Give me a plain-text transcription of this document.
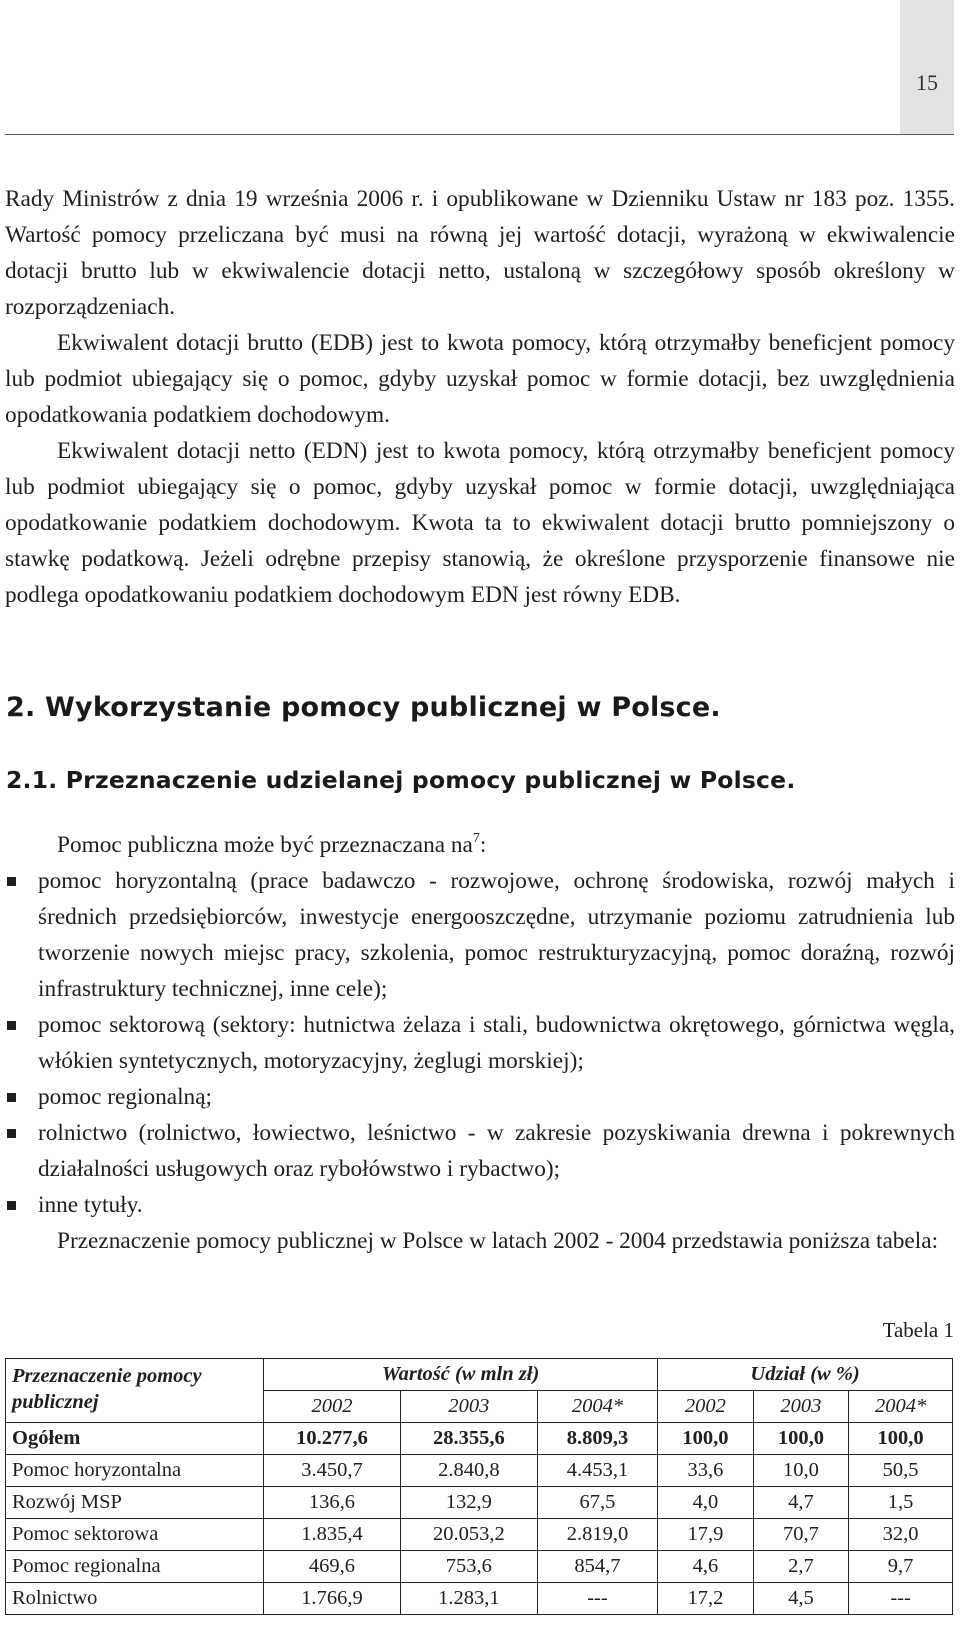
15

Rady Ministrów z dnia 19 września 2006 r. i opublikowane w Dzienniku Ustaw nr 183 poz. 1355. Wartość pomocy przeliczana być musi na równą jej wartość dotacji, wyrażoną w ekwiwalencie dotacji brutto lub w ekwiwalencie dotacji netto, ustaloną w szczegółowy sposób określony w rozporządzeniach.

Ekwiwalent dotacji brutto (EDB) jest to kwota pomocy, którą otrzymałby beneficjent pomocy lub podmiot ubiegający się o pomoc, gdyby uzyskał pomoc w formie dotacji, bez uwzględnienia opodatkowania podatkiem dochodowym.

Ekwiwalent dotacji netto (EDN) jest to kwota pomocy, którą otrzymałby beneficjent pomocy lub podmiot ubiegający się o pomoc, gdyby uzyskał pomoc w formie dotacji, uwzględniająca opodatkowanie podatkiem dochodowym. Kwota ta to ekwiwalent dotacji brutto pomniejszony o stawkę podatkową. Jeżeli odrębne przepisy stanowią, że określone przysporzenie finansowe nie podlega opodatkowaniu podatkiem dochodowym EDN jest równy EDB.

2. Wykorzystanie pomocy publicznej w Polsce.
2.1. Przeznaczenie udzielanej pomocy publicznej w Polsce.

Pomoc publiczna może być przeznaczana $na^7$:

pomoc horyzontalną (prace badawczo - rozwojowe, ochronę środowiska, rozwój małych i średnich przedsiębiorców, inwestycje energooszczędne, utrzymanie poziomu zatrudnienia lub tworzenie nowych miejsc pracy, szkolenia, pomoc restrukturyzacyjną, pomoc doraźną, rozwój infrastruktury technicznej, inne cele);
pomoc sektorową (sektory: hutnictwa żelaza i stali, budownictwa okrętowego, górnictwa węgla, włókien syntetycznych, motoryzacyjny, żeglugi morskiej);
pomoc regionalną;
rolnictwo (rolnictwo, łowiectwo, leśnictwo - w zakresie pozyskiwania drewna i pokrewnych działalności usługowych oraz rybołówstwo i rybactwo);
inne tytuły.

Przeznaczenie pomocy publicznej w Polsce w latach 2002 - 2004 przedstawia poniższa tabela:

Tabela 1
Przeznaczenie pomocy publicznej	Wartość (w mln zł)			Udział (w %)		
	2002	2003	2004*	2002	2003	2004*
Ogółem	10.277,6	28.355,6	8.809,3	100,0	100,0	100,0
Pomoc horyzontalna	3.450,7	2.840,8	4.453,1	33,6	10,0	50,5
Rozwój MSP	136,6	132,9	67,5	4,0	4,7	1,5
Pomoc sektorowa	1.835,4	20.053,2	2.819,0	17,9	70,7	32,0
Pomoc regionalna	469,6	753,6	854,7	4,6	2,7	9,7
Rolnictwo	1.766,9	1.283,1	---	17,2	4,5	---
